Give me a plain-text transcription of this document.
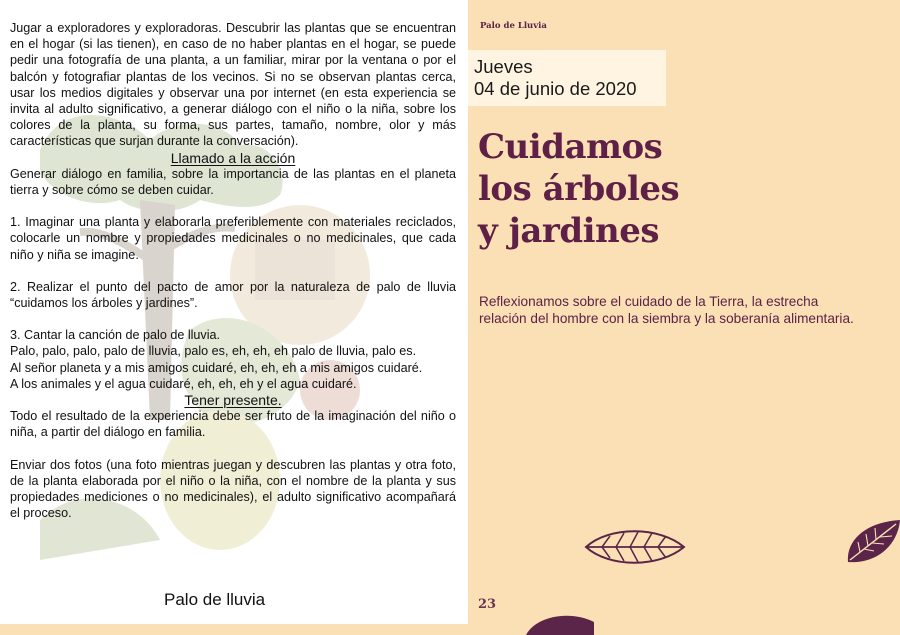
Jugar a exploradores y exploradoras. Descubrir las plantas que se encuentran en el hogar (si las tienen), en caso de no haber plantas en el hogar, se puede pedir una fotografía de una planta, a un familiar, mirar por la ventana o por el balcón y fotografiar plantas de los vecinos. Si no se observan plantas cerca, usar los medios digitales y observar una por internet (en esta experiencia se invita al adulto significativo, a generar diálogo con el niño o la niña, sobre los colores de la planta, su forma, sus partes, tamaño, nombre, olor y más características que surjan durante la conversación).

Llamado a la acción

Generar diálogo en familia, sobre la importancia de las plantas en el planeta tierra y sobre cómo se deben cuidar.

1. Imaginar una planta y elaborarla preferiblemente con materiales reciclados, colocarle un nombre y propiedades medicinales o no medicinales, que cada niño y niña se imagine.

2. Realizar el punto del pacto de amor por la naturaleza de palo de lluvia “cuidamos los árboles y jardines”.

3. Cantar la canción de palo de lluvia.

Palo, palo, palo, palo de lluvia, palo es, eh, eh, eh palo de lluvia, palo es.

Al señor planeta y a mis amigos cuidaré, eh, eh, eh a mis amigos cuidaré.

A los animales y el agua cuidaré, eh, eh, eh y el agua cuidaré.

Tener presente.

Todo el resultado de la experiencia debe ser fruto de la imaginación del niño o niña, a partir del diálogo en familia.

Enviar dos fotos (una foto mientras juegan y descubren las plantas y otra foto, de la planta elaborada por el niño o la niña, con el nombre de la planta y sus propiedades mediciones o no medicinales), el adulto significativo acompañará el proceso.

Palo de lluvia
Palo de Lluvia
Jueves
04 de junio de 2020
Cuidamos
los árboles
y jardines
Reflexionamos sobre el cuidado de la Tierra, la estrecha relación del hombre con la siembra y la soberanía alimentaria.
23
